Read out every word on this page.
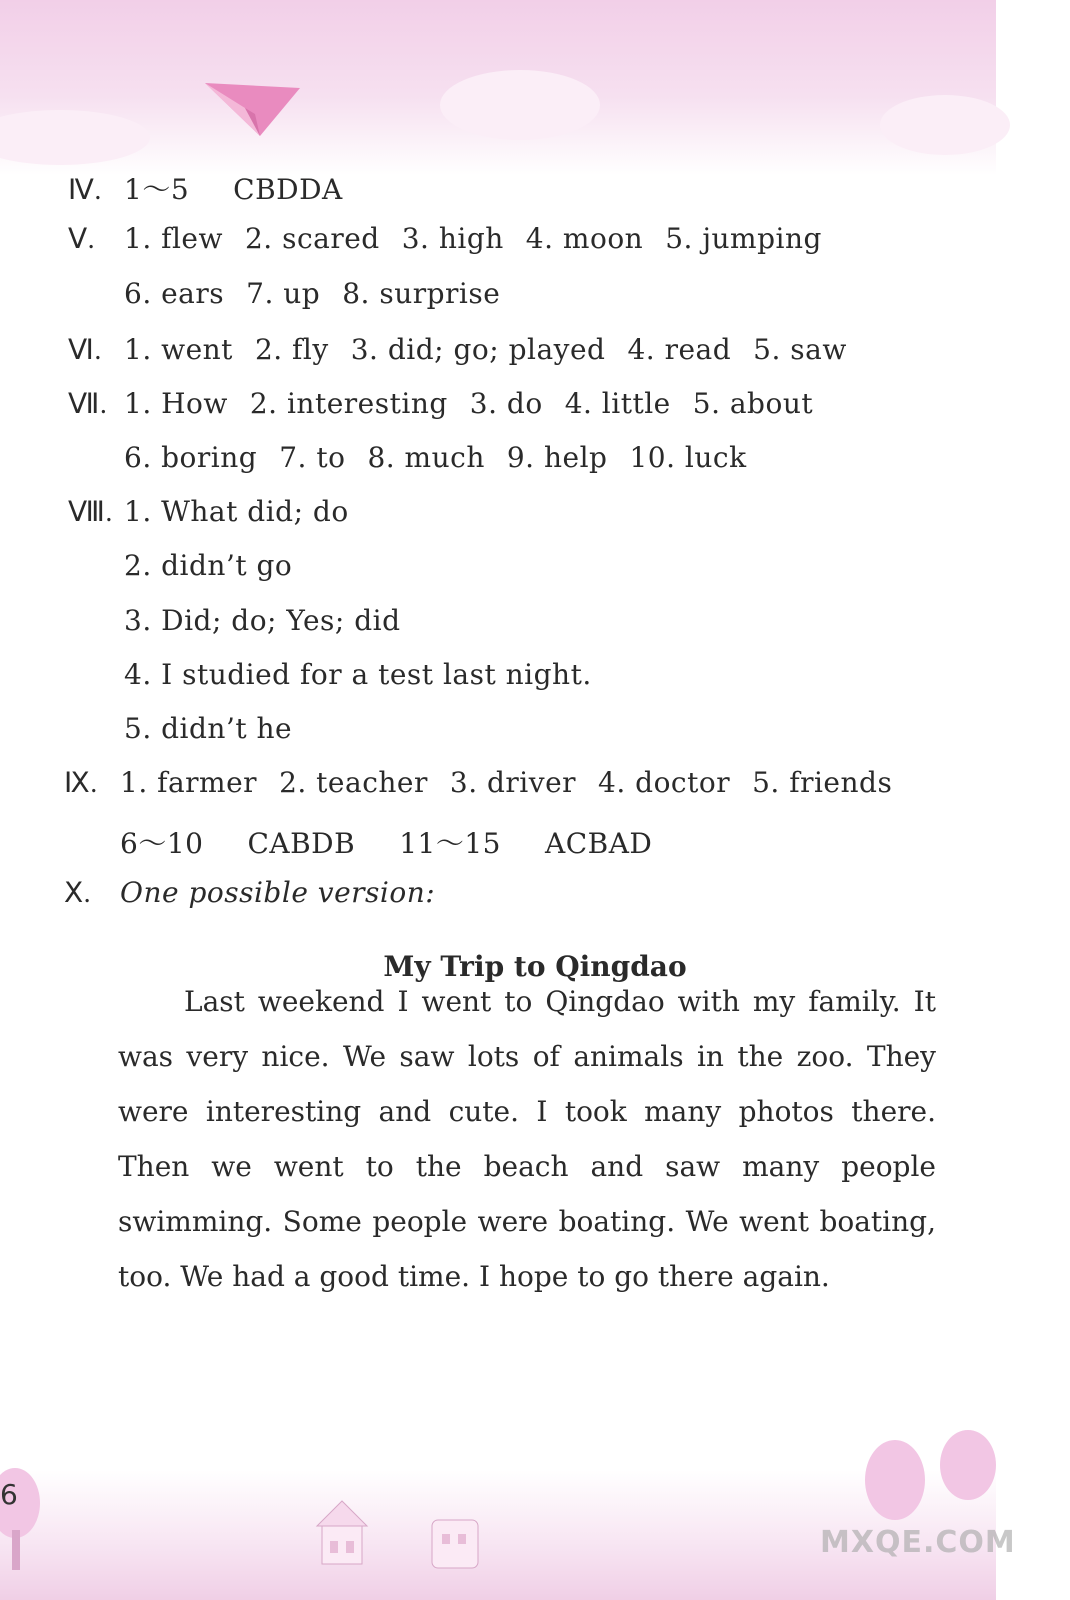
Ⅳ. 1～5 CBDDA
Ⅴ. 1. flew 2. scared 3. high 4. moon 5. jumping
6. ears 7. up 8. surprise
Ⅵ. 1. went 2. fly 3. did; go; played 4. read 5. saw
Ⅶ. 1. How 2. interesting 3. do 4. little 5. about
6. boring 7. to 8. much 9. help 10. luck
Ⅷ. 1. What did; do
2. didn’t go
3. Did; do; Yes; did
4. I studied for a test last night.
5. didn’t he
Ⅸ. 1. farmer 2. teacher 3. driver 4. doctor 5. friends
6～10 CABDB 11～15 ACBAD
Ⅹ. One possible version:
My Trip to Qingdao
Last weekend I went to Qingdao with my family. It was very nice. We saw lots of animals in the zoo. They were interesting and cute. I took many photos there. Then we went to the beach and saw many people swimming. Some people were boating. We went boating, too. We had a good time. I hope to go there again.
6
MXQE.COM
